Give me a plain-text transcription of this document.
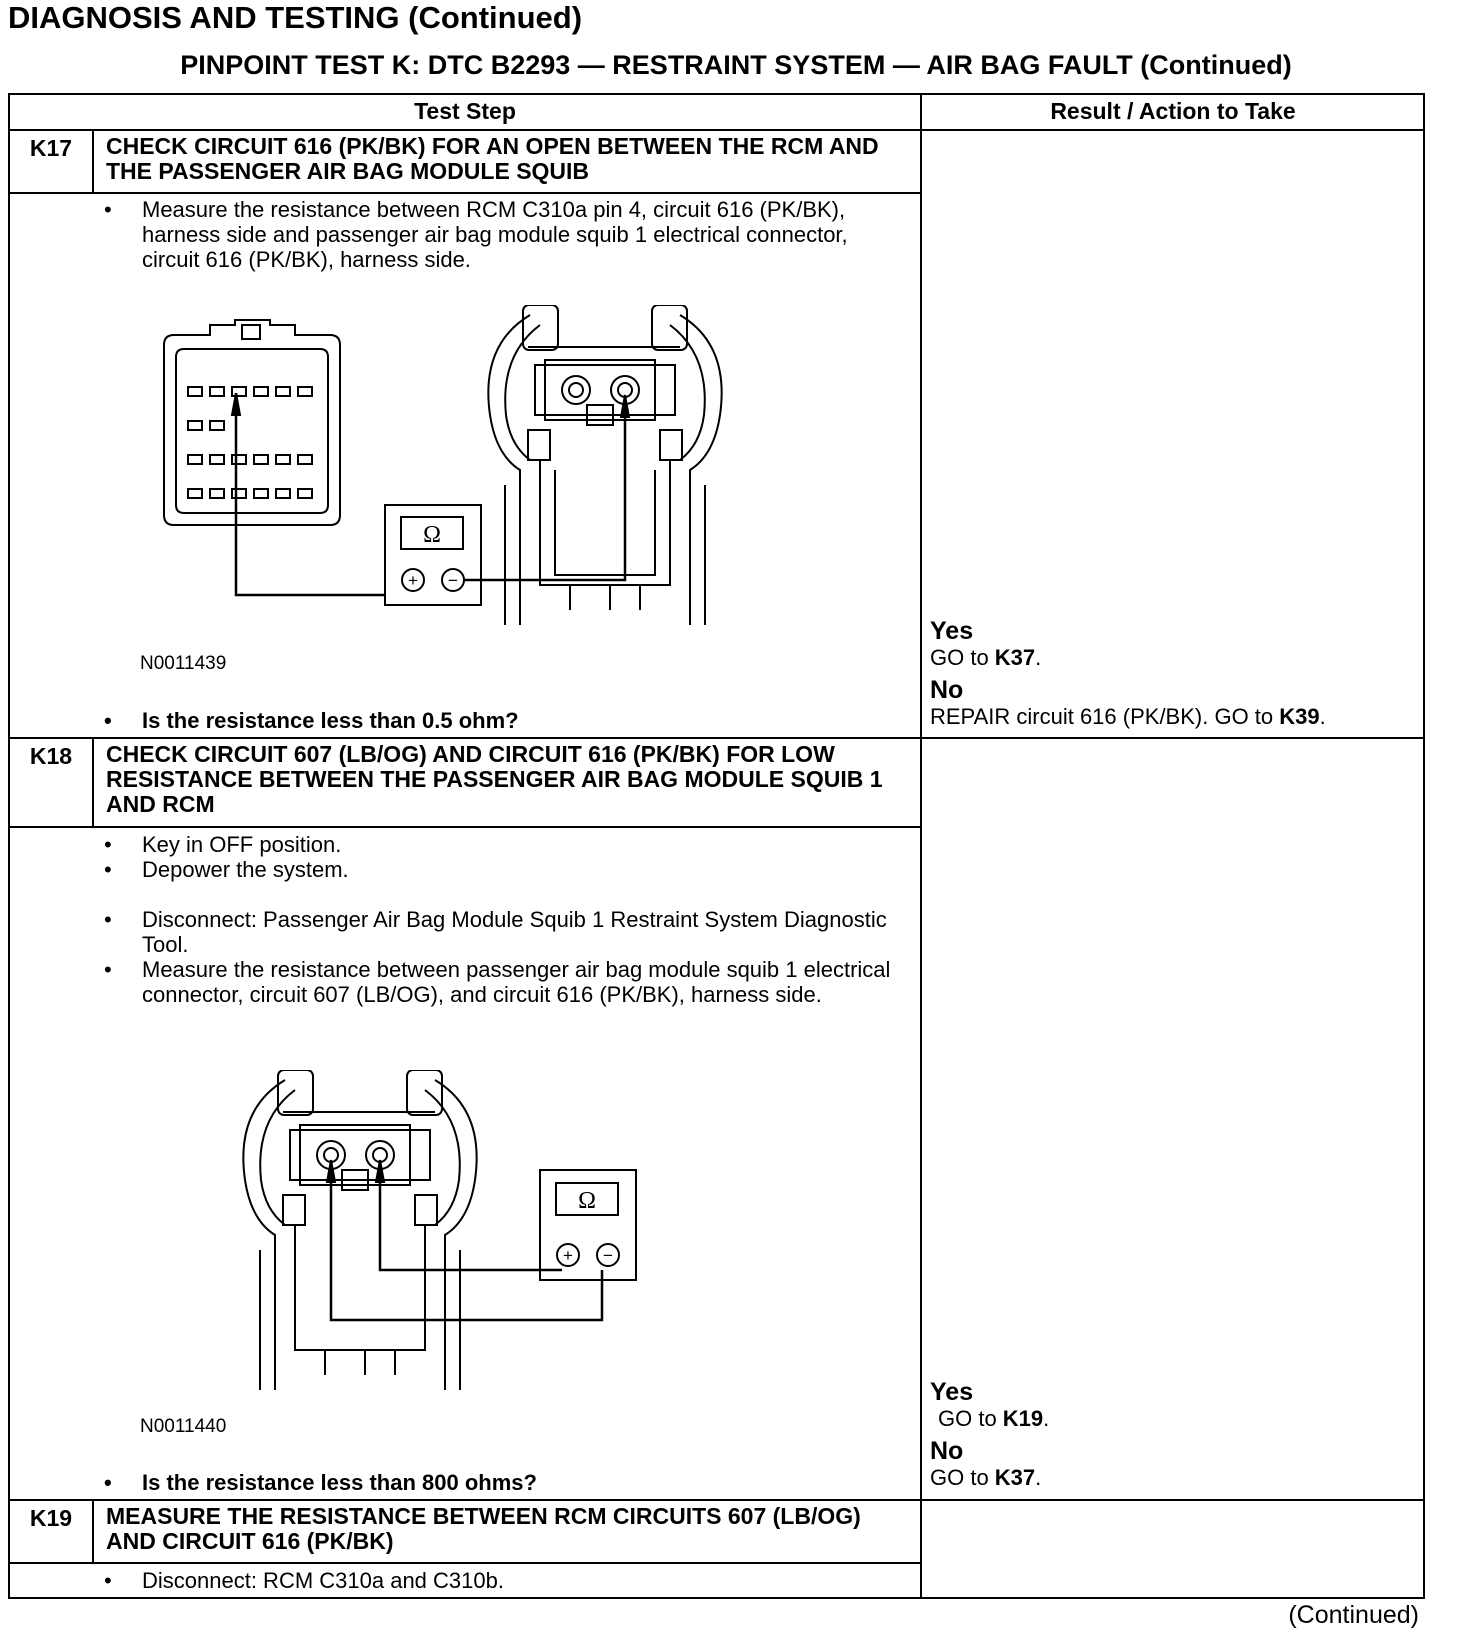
DIAGNOSIS AND TESTING (Continued)
PINPOINT TEST K: DTC B2293 — RESTRAINT SYSTEM — AIR BAG FAULT (Continued)
Test Step	Result / Action to Take
K17	CHECK CIRCUIT 616 (PK/BK) FOR AN OPEN BETWEEN THE RCM AND THE PASSENGER AIR BAG MODULE SQUIB
• Measure the resistance between RCM C310a pin 4, circuit 616 (PK/BK), harness side and passenger air bag module squib 1 electrical connector, circuit 616 (PK/BK), harness side.
Ω
+ −
N0011439
• Is the resistance less than 0.5 ohm?
Yes
GO to K37.
No
REPAIR circuit 616 (PK/BK). GO to K39.
K18	CHECK CIRCUIT 607 (LB/OG) AND CIRCUIT 616 (PK/BK) FOR LOW RESISTANCE BETWEEN THE PASSENGER AIR BAG MODULE SQUIB 1 AND RCM
• Key in OFF position.
• Depower the system.
• Disconnect: Passenger Air Bag Module Squib 1 Restraint System Diagnostic Tool.
• Measure the resistance between passenger air bag module squib 1 electrical connector, circuit 607 (LB/OG), and circuit 616 (PK/BK), harness side.
Ω
+ −
N0011440
• Is the resistance less than 800 ohms?
Yes
GO to K19.
No
GO to K37.
K19	MEASURE THE RESISTANCE BETWEEN RCM CIRCUITS 607 (LB/OG) AND CIRCUIT 616 (PK/BK)
• Disconnect: RCM C310a and C310b.
(Continued)
